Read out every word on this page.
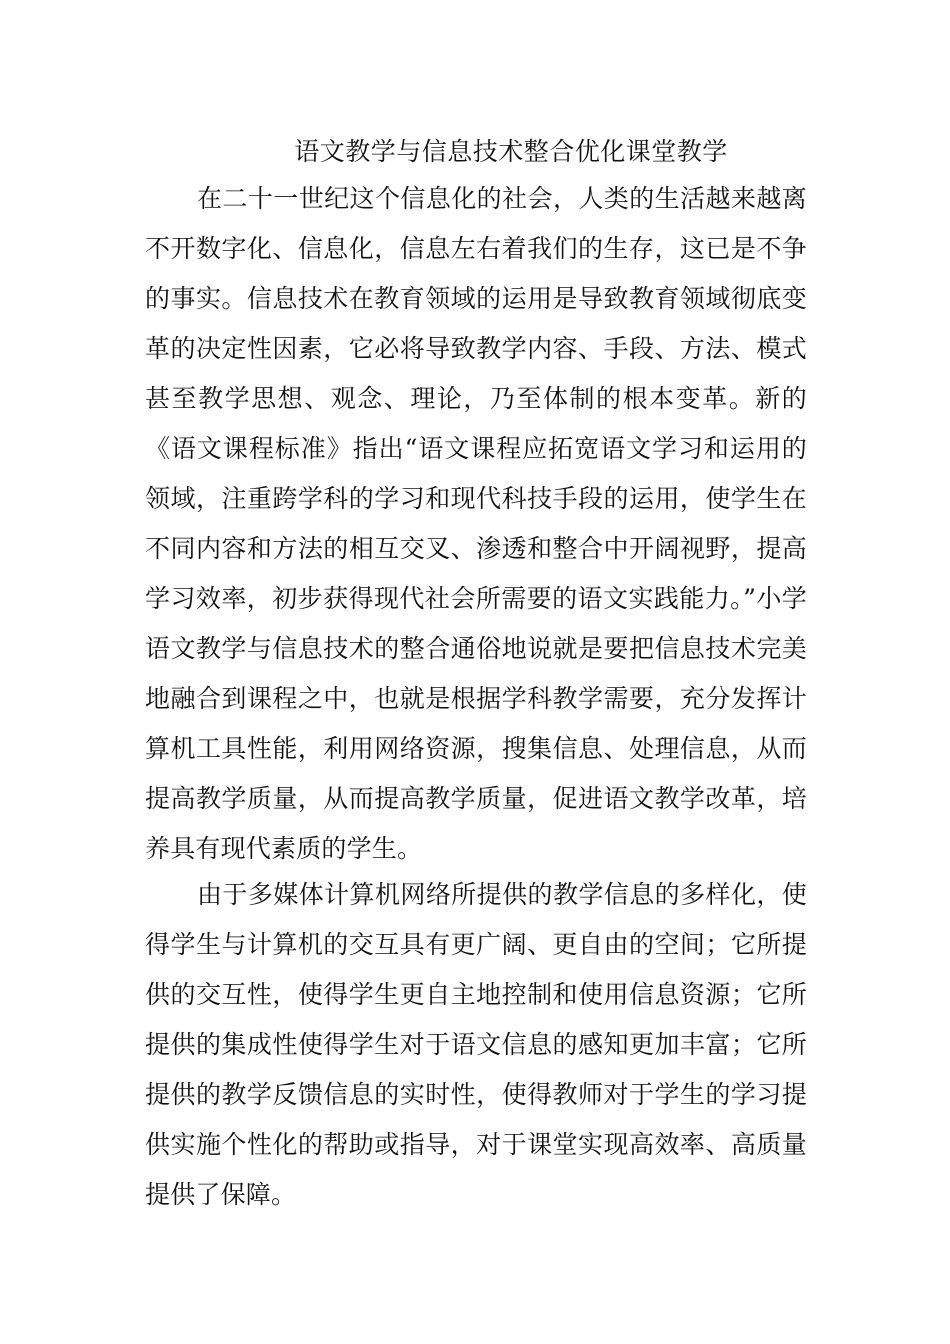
语文教学与信息技术整合优化课堂教学

在二十一世纪这个信息化的社会，人类的生活越来越离不开数字化、信息化，信息左右着我们的生存，这已是不争的事实。信息技术在教育领域的运用是导致教育领域彻底变革的决定性因素，它必将导致教学内容、手段、方法、模式甚至教学思想、观念、理论，乃至体制的根本变革。新的《语文课程标准》指出“语文课程应拓宽语文学习和运用的领域，注重跨学科的学习和现代科技手段的运用，使学生在不同内容和方法的相互交叉、渗透和整合中开阔视野，提高学习效率，初步获得现代社会所需要的语文实践能力。”小学语文教学与信息技术的整合通俗地说就是要把信息技术完美地融合到课程之中，也就是根据学科教学需要，充分发挥计算机工具性能，利用网络资源，搜集信息、处理信息，从而提高教学质量，从而提高教学质量，促进语文教学改革，培养具有现代素质的学生。

由于多媒体计算机网络所提供的教学信息的多样化，使得学生与计算机的交互具有更广阔、更自由的空间；它所提供的交互性，使得学生更自主地控制和使用信息资源；它所提供的集成性使得学生对于语文信息的感知更加丰富；它所提供的教学反馈信息的实时性，使得教师对于学生的学习提供实施个性化的帮助或指导，对于课堂实现高效率、高质量提供了保障。
